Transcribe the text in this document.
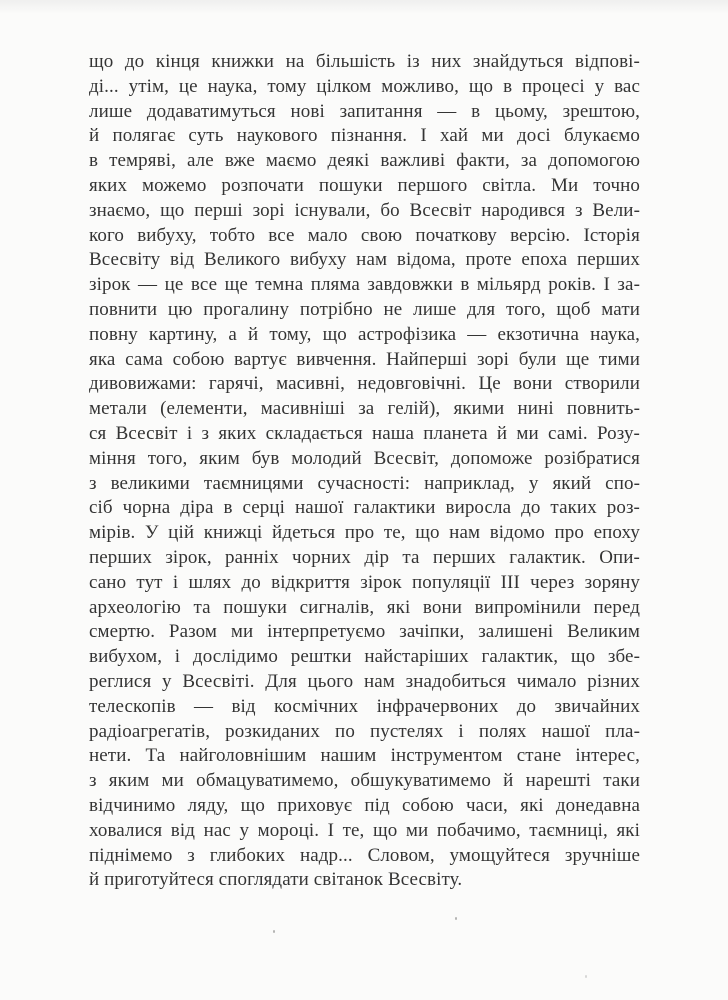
що до кінця книжки на більшість із них знайдуться відпові-
ді... утім, це наука, тому цілком можливо, що в процесі у вас
лише додаватимуться нові запитання — в цьому, зрештою,
й полягає суть наукового пізнання. І хай ми досі блукаємо
в темряві, але вже маємо деякі важливі факти, за допомогою
яких можемо розпочати пошуки першого світла. Ми точно
знаємо, що перші зорі існували, бо Всесвіт народився з Вели-
кого вибуху, тобто все мало свою початкову версію. Історія
Всесвіту від Великого вибуху нам відома, проте епоха перших
зірок — це все ще темна пляма завдовжки в мільярд років. І за-
повнити цю прогалину потрібно не лише для того, щоб мати
повну картину, а й тому, що астрофізика — екзотична наука,
яка сама собою вартує вивчення. Найперші зорі були ще тими
дивовижами: гарячі, масивні, недовговічні. Це вони створили
метали (елементи, масивніші за гелій), якими нині повнить-
ся Всесвіт і з яких складається наша планета й ми самі. Розу-
міння того, яким був молодий Всесвіт, допоможе розібратися
з великими таємницями сучасності: наприклад, у який спо-
сіб чорна діра в серці нашої галактики виросла до таких роз-
мірів. У цій книжці йдеться про те, що нам відомо про епоху
перших зірок, ранніх чорних дір та перших галактик. Опи-
сано тут і шлях до відкриття зірок популяції III через зоряну
археологію та пошуки сигналів, які вони випромінили перед
смертю. Разом ми інтерпретуємо зачіпки, залишені Великим
вибухом, і дослідимо рештки найстаріших галактик, що збе-
реглися у Всесвіті. Для цього нам знадобиться чимало різних
телескопів — від космічних інфрачервоних до звичайних
радіоагрегатів, розкиданих по пустелях і полях нашої пла-
нети. Та найголовнішим нашим інструментом стане інтерес,
з яким ми обмацуватимемо, обшукуватимемо й нарешті таки
відчинимо ляду, що приховує під собою часи, які донедавна
ховалися від нас у мороці. І те, що ми побачимо, таємниці, які
піднімемо з глибоких надр... Словом, умощуйтеся зручніше
й приготуйтеся споглядати світанок Всесвіту.
